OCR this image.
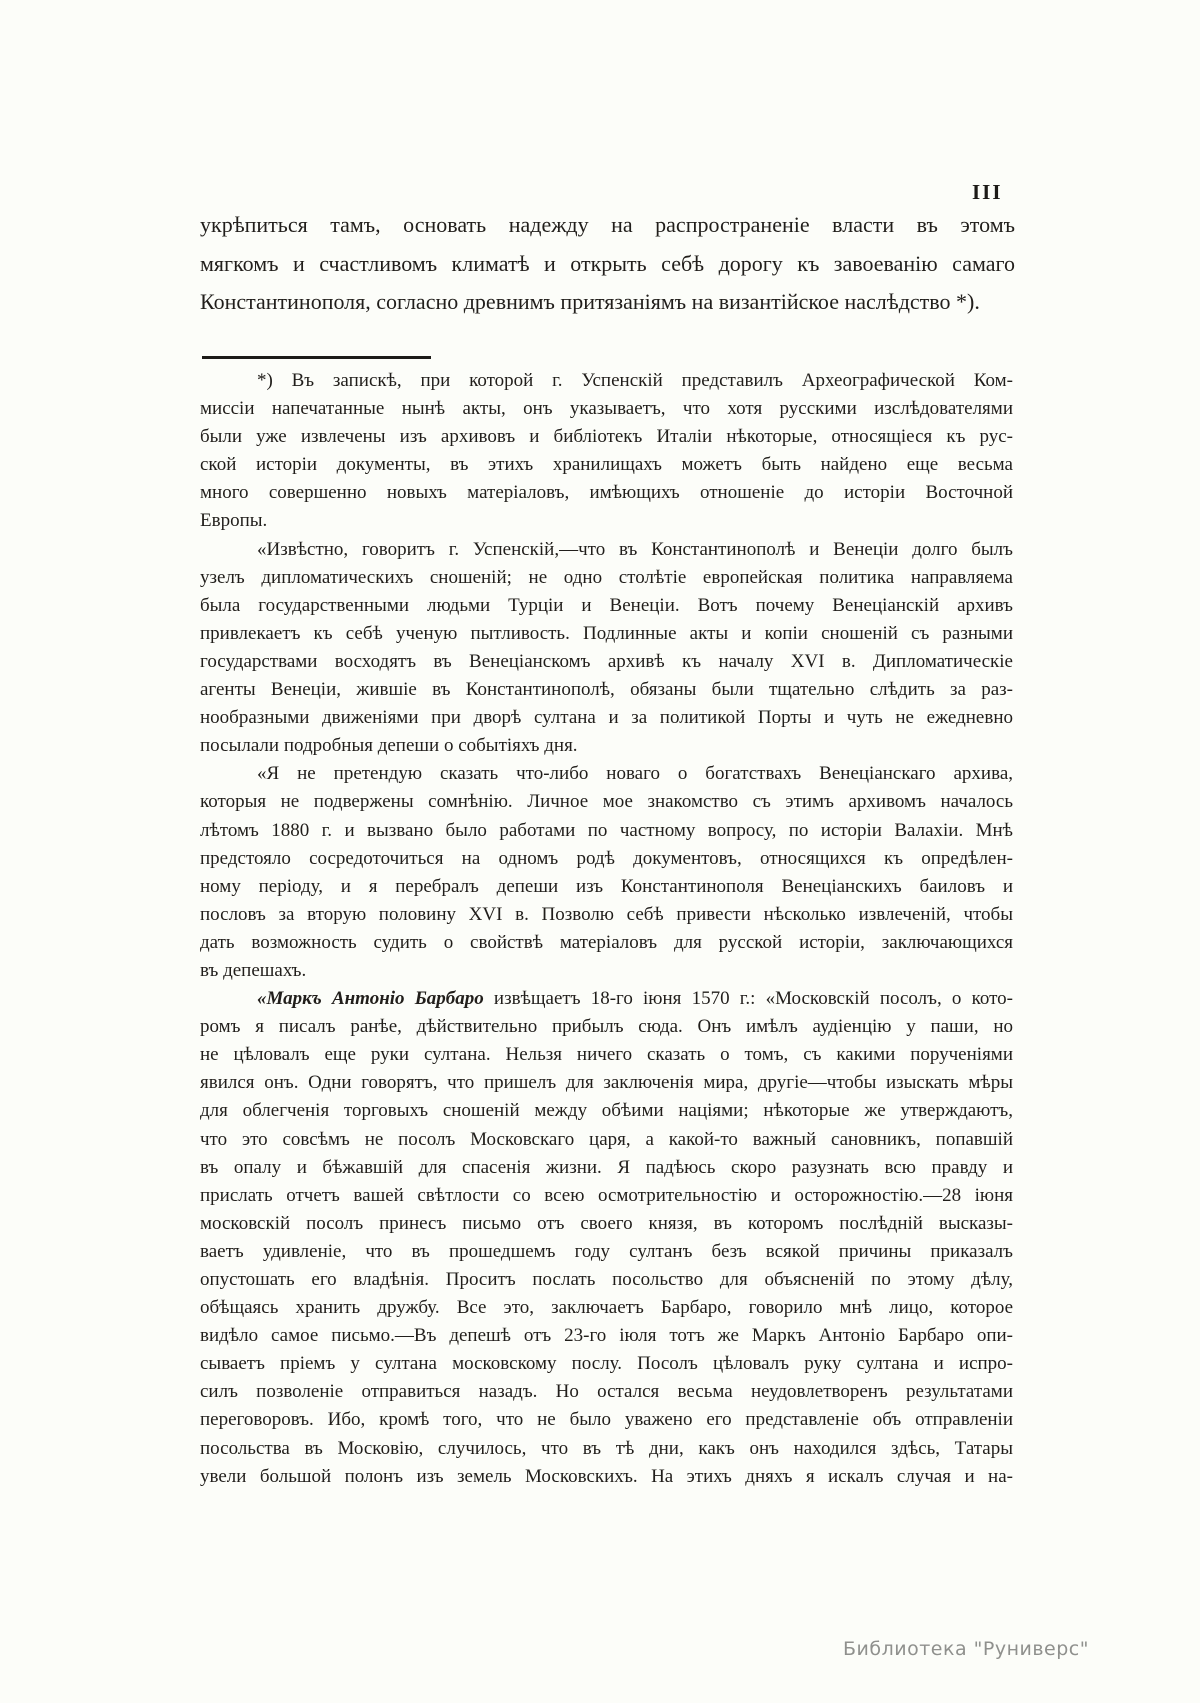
III
укрѣпиться тамъ, основать надежду на распространеніе власти въ этомъ
мягкомъ и счастливомъ климатѣ и открыть себѣ дорогу къ завоеванію самаго
Константинополя, согласно древнимъ притязаніямъ на византійское наслѣдство *).
*) Въ запискѣ, при которой г. Успенскій представилъ Археографической Ком-
миссіи напечатанные нынѣ акты, онъ указываетъ, что хотя русскими изслѣдователями
были уже извлечены изъ архивовъ и библіотекъ Италіи нѣкоторые, относящіеся къ рус-
ской исторіи документы, въ этихъ хранилищахъ можетъ быть найдено еще весьма
много совершенно новыхъ матеріаловъ, имѣющихъ отношеніе до исторіи Восточной
Европы.
«Извѣстно, говоритъ г. Успенскій,—что въ Константинополѣ и Венеціи долго былъ
узелъ дипломатическихъ сношеній; не одно столѣтіе европейская политика направляема
была государственными людьми Турціи и Венеціи. Вотъ почему Венеціанскій архивъ
привлекаетъ къ себѣ ученую пытливость. Подлинные акты и копіи сношеній съ разными
государствами восходятъ въ Венеціанскомъ архивѣ къ началу XVI в. Дипломатическіе
агенты Венеціи, жившіе въ Константинополѣ, обязаны были тщательно слѣдить за раз-
нообразными движеніями при дворѣ султана и за политикой Порты и чуть не ежедневно
посылали подробныя депеши о событіяхъ дня.
«Я не претендую сказать что-либо новаго о богатствахъ Венеціанскаго архива,
которыя не подвержены сомнѣнію. Личное мое знакомство съ этимъ архивомъ началось
лѣтомъ 1880 г. и вызвано было работами по частному вопросу, по исторіи Валахіи. Мнѣ
предстояло сосредоточиться на одномъ родѣ документовъ, относящихся къ опредѣлен-
ному періоду, и я перебралъ депеши изъ Константинополя Венеціанскихъ баиловъ и
пословъ за вторую половину XVI в. Позволю себѣ привести нѣсколько извлеченій, чтобы
дать возможность судить о свойствѣ матеріаловъ для русской исторіи, заключающихся
въ депешахъ.
«Маркъ Антоніо Барбаро извѣщаетъ 18-го іюня 1570 г.: «Московскій посолъ, о кото-
ромъ я писалъ ранѣе, дѣйствительно прибылъ сюда. Онъ имѣлъ аудіенцію у паши, но
не цѣловалъ еще руки султана. Нельзя ничего сказать о томъ, съ какими порученіями
явился онъ. Одни говорятъ, что пришелъ для заключенія мира, другіе—чтобы изыскать мѣры
для облегченія торговыхъ сношеній между обѣими націями; нѣкоторые же утверждаютъ,
что это совсѣмъ не посолъ Московскаго царя, а какой-то важный сановникъ, попавшій
въ опалу и бѣжавшій для спасенія жизни. Я падѣюсь скоро разузнать всю правду и
прислать отчетъ вашей свѣтлости со всею осмотрительностію и осторожностію.—28 іюня
московскій посолъ принесъ письмо отъ своего князя, въ которомъ послѣдній высказы-
ваетъ удивленіе, что въ прошедшемъ году султанъ безъ всякой причины приказалъ
опустошать его владѣнія. Проситъ послать посольство для объясненій по этому дѣлу,
обѣщаясь хранить дружбу. Все это, заключаетъ Барбаро, говорило мнѣ лицо, которое
видѣло самое письмо.—Въ депешѣ отъ 23-го іюля тотъ же Маркъ Антоніо Барбаро опи-
сываетъ пріемъ у султана московскому послу. Посолъ цѣловалъ руку султана и испро-
силъ позволеніе отправиться назадъ. Но остался весьма неудовлетворенъ результатами
переговоровъ. Ибо, кромѣ того, что не было уважено его представленіе объ отправленіи
посольства въ Московію, случилось, что въ тѣ дни, какъ онъ находился здѣсь, Татары
увели большой полонъ изъ земель Московскихъ. На этихъ дняхъ я искалъ случая и на-
Библиотека "Руниверс"
